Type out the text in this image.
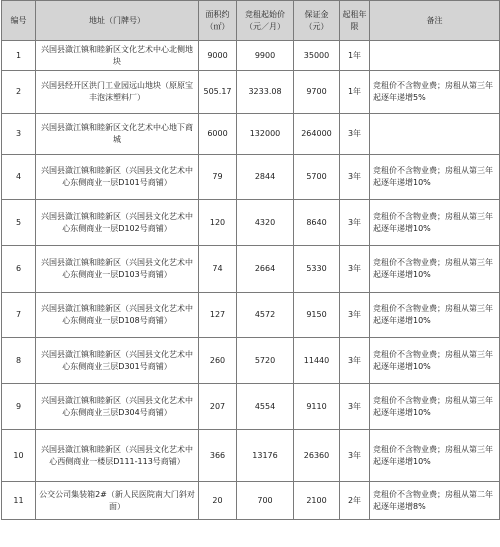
编号	地址（门牌号）	面积约（㎡）	竞租起始价（元／月）	保证金（元）	起租年限	备注
1	兴国县潋江镇和睦新区文化艺术中心北侧地块	9000	9900	35000	1年	
2	兴国县经开区洪门工业园远山地块（原原宝丰泡沫塑料厂）	505.17	3233.08	9700	1年	竞租价不含物业费；房租从第三年起逐年递增5%
3	兴国县潋江镇和睦新区文化艺术中心地下商城	6000	132000	264000	3年	
4	兴国县潋江镇和睦新区（兴国县文化艺术中心东侧商业一层D101号商铺）	79	2844	5700	3年	竞租价不含物业费；房租从第三年起逐年递增10%
5	兴国县潋江镇和睦新区（兴国县文化艺术中心东侧商业一层D102号商铺）	120	4320	8640	3年	竞租价不含物业费；房租从第三年起逐年递增10%
6	兴国县潋江镇和睦新区（兴国县文化艺术中心东侧商业一层D103号商铺）	74	2664	5330	3年	竞租价不含物业费；房租从第三年起逐年递增10%
7	兴国县潋江镇和睦新区（兴国县文化艺术中心东侧商业一层D108号商铺）	127	4572	9150	3年	竞租价不含物业费；房租从第三年起逐年递增10%
8	兴国县潋江镇和睦新区（兴国县文化艺术中心东侧商业三层D301号商铺）	260	5720	11440	3年	竞租价不含物业费；房租从第三年起逐年递增10%
9	兴国县潋江镇和睦新区（兴国县文化艺术中心东侧商业三层D304号商铺）	207	4554	9110	3年	竞租价不含物业费；房租从第三年起逐年递增10%
10	兴国县潋江镇和睦新区（兴国县文化艺术中心西侧商业一楼层D111-113号商铺）	366	13176	26360	3年	竞租价不含物业费；房租从第三年起逐年递增10%
11	公交公司集装箱2#（新人民医院南大门斜对面）	20	700	2100	2年	竞租价不含物业费；房租从第二年起逐年递增8%
